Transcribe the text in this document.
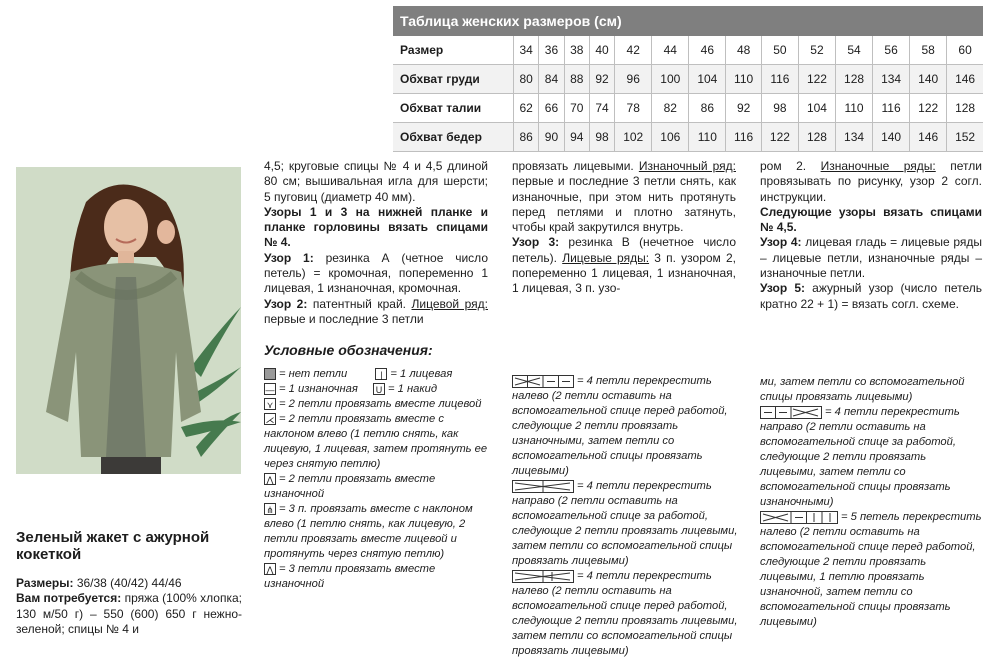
Таблица женских размеров (см)
Размер	34	36	38	40	42	44	46	48	50	52	54	56	58	60
Обхват груди	80	84	88	92	96	100	104	110	116	122	128	134	140	146
Обхват талии	62	66	70	74	78	82	86	92	98	104	110	116	122	128
Обхват бедер	86	90	94	98	102	106	110	116	122	128	134	140	146	152

4,5; круговые спицы № 4 и 4,5 длиной 80 см; вышивальная игла для шерсти; 5 пуговиц (диаметр 40 мм).

Узоры 1 и 3 на нижней планке и планке горловины вязать спицами № 4.

Узор 1: резинка А (четное число петель) = кромочная, попеременно 1 лицевая, 1 изнаночная, кромочная.

Узор 2: патентный край. Лицевой ряд: первые и последние 3 петли

провязать лицевыми. Изнаночный ряд: первые и последние 3 петли снять, как изнаночные, при этом нить протянуть перед петлями и плотно затянуть, чтобы край закрутился внутрь.

Узор 3: резинка В (нечетное число петель). Лицевые ряды: 3 п. узором 2, попеременно 1 лицевая, 1 изнаночная, 1 лицевая, 3 п. узо-

ром 2. Изнаночные ряды: петли провязывать по рисунку, узор 2 согл. инструкции.

Следующие узоры вязать спицами № 4,5.

Узор 4: лицевая гладь = лицевые ряды – лицевые петли, изнаночные ряды – изнаночные петли.

Узор 5: ажурный узор (число петель кратно 22 + 1) = вязать согл. схеме.

Условные обозначения:

= нет петли	| = 1 лицевая

— = 1 изнаночная U = 1 накид

⋎ = 2 петли провязать вместе лицевой

⋌ = 2 петли провязать вместе с наклоном влево (1 петлю снять, как лицевую, 1 лицевая, затем протянуть ее через снятую петлю)

⋀ = 2 петли провязать вместе изнаночной

⋔ = 3 п. провязать вместе с наклоном влево (1 петлю снять, как лицевую, 2 петли провязать вместе лицевой и протянуть через снятую петлю)

⋀ = 3 петли провязать вместе изнаночной

= 4 петли перекрестить налево (2 петли оставить на вспомогательной спице перед работой, следующие 2 петли провязать изнаночными, затем петли со вспомогательной спицы провязать лицевыми)

= 4 петли перекрестить направо (2 петли оставить на вспомогательной спице за работой, следующие 2 петли провязать лицевыми, затем петли со вспомогательной спицы провязать лицевыми)

= 4 петли перекрестить налево (2 петли оставить на вспомогательной спице перед работой, следующие 2 петли провязать лицевыми, затем петли со вспомогательной спицы провязать лицевыми)

ми, затем петли со вспомогательной спицы провязать лицевыми)

= 4 петли перекрестить направо (2 петли оставить на вспомогательной спице за работой, следующие 2 петли провязать лицевыми, затем петли со вспомогательной спицы провязать изнаночными)

= 5 петель перекрестить налево (2 петли оставить на вспомогательной спице перед работой, следующие 2 петли провязать лицевыми, 1 петлю провязать изнаночной, затем петли со вспомогательной спицы провязать лицевыми)

Зеленый жакет с ажурной кокеткой

Размеры: 36/38 (40/42) 44/46

Вам потребуется: пряжа (100% хлопка; 130 м/50 г) – 550 (600) 650 г нежно-зеленой; спицы № 4 и
